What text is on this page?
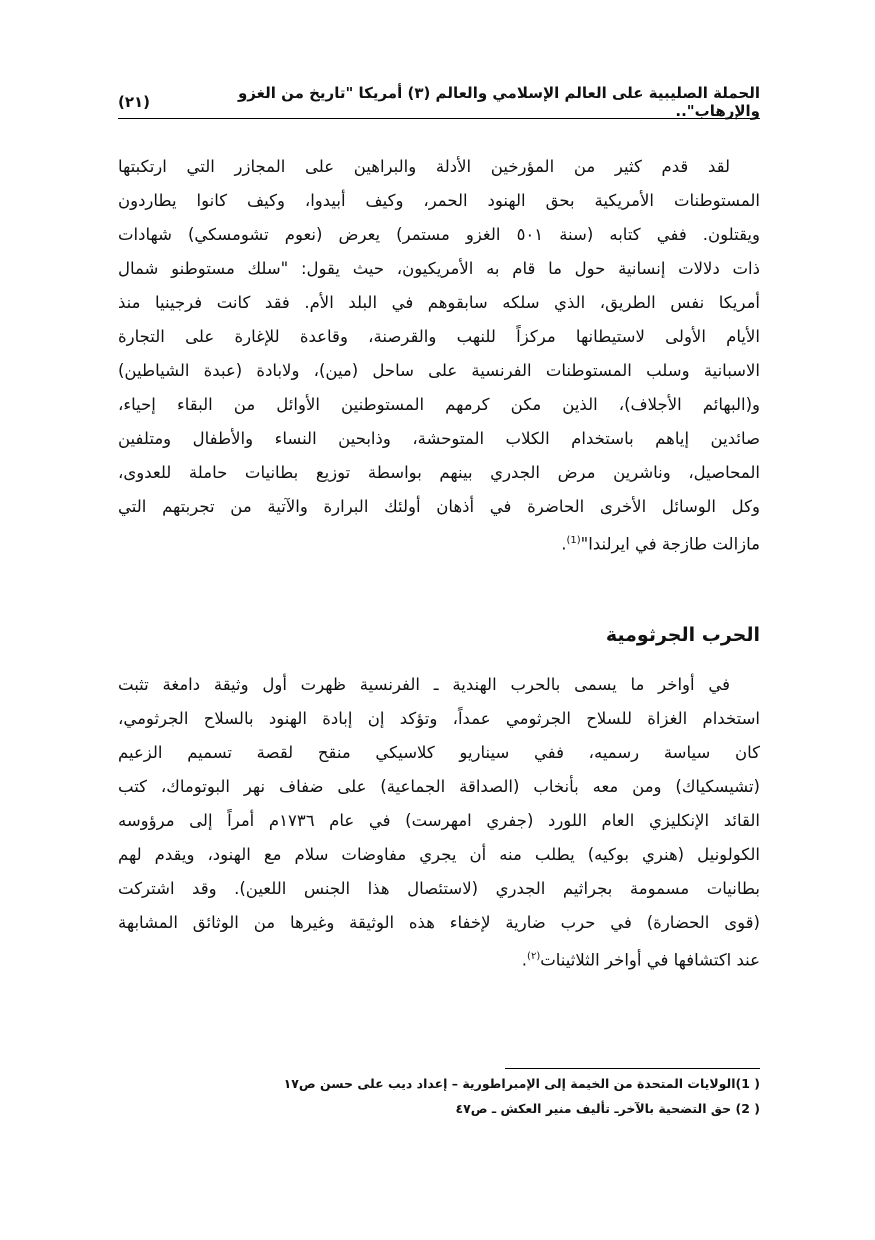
الحملة الصليبية على العالم الإسلامي والعالم (٣) أمريكا "تاريخ من الغزو والإرهاب"..
(٢١)
لقد قدم كثير من المؤرخين الأدلة والبراهين على المجازر التي ارتكبتها
المستوطنات الأمريكية بحق الهنود الحمر، وكيف أبيدوا، وكيف كانوا يطاردون
ويقتلون. ففي كتابه (سنة ٥٠١ الغزو مستمر) يعرض (نعوم تشومسكي) شهادات
ذات دلالات إنسانية حول ما قام به الأمريكيون، حيث يقول: "سلك مستوطنو شمال
أمريكا نفس الطريق، الذي سلكه سابقوهم في البلد الأم. فقد كانت فرجينيا منذ
الأيام الأولى لاستيطانها مركزاً للنهب والقرصنة، وقاعدة للإغارة على التجارة
الاسبانية وسلب المستوطنات الفرنسية على ساحل (مين)، ولابادة (عبدة الشياطين)
و(البهائم الأجلاف)، الذين مكن كرمهم المستوطنين الأوائل من البقاء إحياء،
صائدين إياهم باستخدام الكلاب المتوحشة، وذابحين النساء والأطفال ومتلفين
المحاصيل، وناشرين مرض الجدري بينهم بواسطة توزيع بطانيات حاملة للعدوى،
وكل الوسائل الأخرى الحاضرة في أذهان أولئك البرارة والآتية من تجربتهم التي
مازالت طازجة في ايرلندا"$^{(1)}$.
الحرب الجرثومية
في أواخر ما يسمى بالحرب الهندية ـ الفرنسية ظهرت أول وثيقة دامغة تثبت
استخدام الغزاة للسلاح الجرثومي عمداً، وتؤكد إن إبادة الهنود بالسلاح الجرثومي،
كان سياسة رسميه، ففي سيناريو كلاسيكي منقح لقصة تسميم الزعيم
(تشيسكياك) ومن معه بأنخاب (الصداقة الجماعية) على ضفاف نهر البوتوماك، كتب
القائد الإنكليزي العام اللورد (جفري امهرست) في عام ١٧٣٦م أمراً إلى مرؤوسه
الكولونيل (هنري بوكيه) يطلب منه أن يجري مفاوضات سلام مع الهنود، ويقدم لهم
بطانيات مسمومة بجراثيم الجدري (لاستئصال هذا الجنس اللعين). وقد اشتركت
(قوى الحضارة) في حرب ضارية لإخفاء هذه الوثيقة وغيرها من الوثائق المشابهة
عند اكتشافها في أواخر الثلاثينات$^{(٢)}$.
( 1)الولايات المتحدة من الخيمة إلى الإمبراطورية – إعداد ديب على حسن ص١٧
( 2) حق التضحية بالآخرـ تأليف منير العكش ـ ص٤٧
